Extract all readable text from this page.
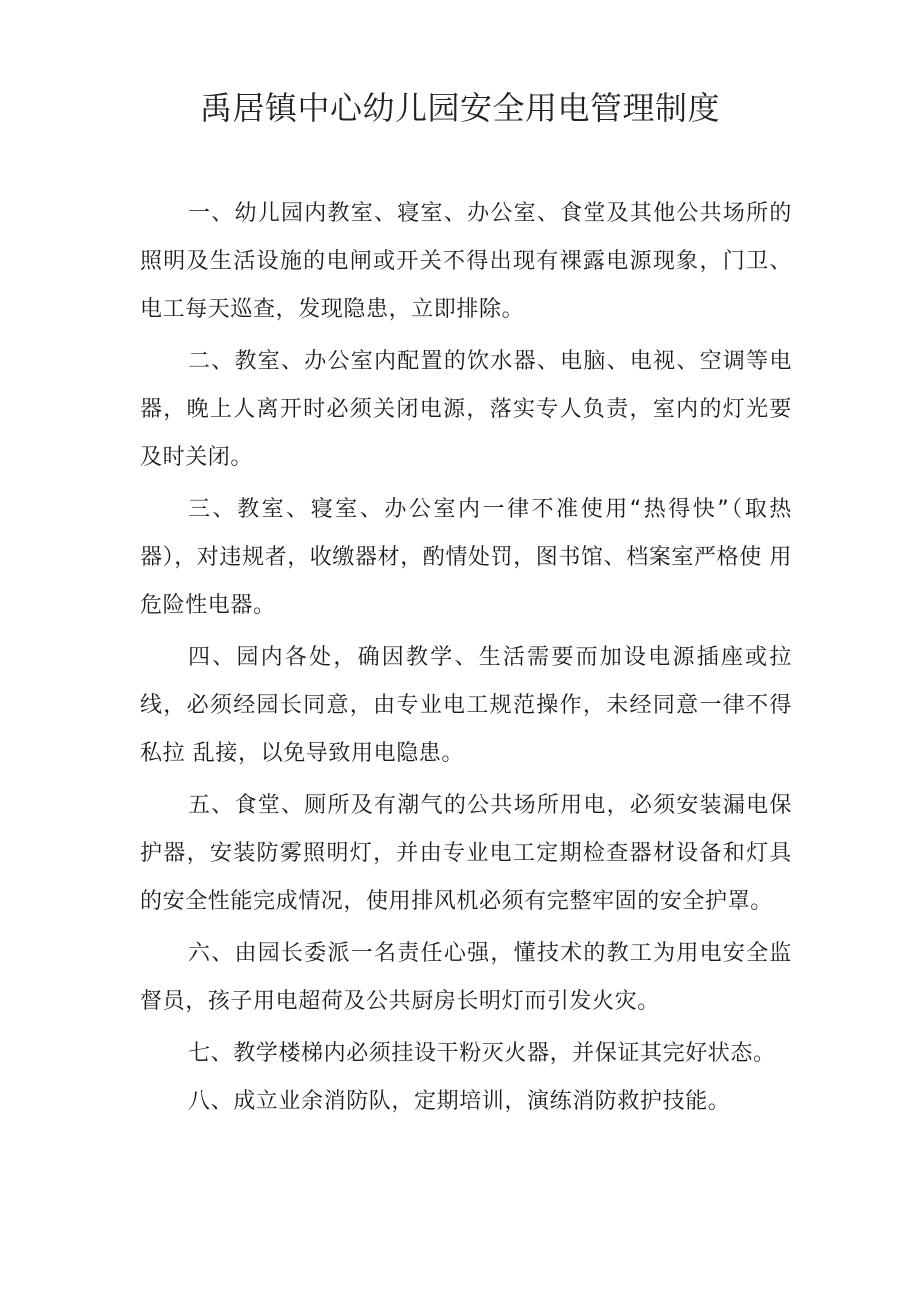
禹居镇中心幼儿园安全用电管理制度

一、幼儿园内教室、寝室、办公室、食堂及其他公共场所的照明及生活设施的电闸或开关不得出现有裸露电源现象，门卫、 电工每天巡查，发现隐患，立即排除。

二、教室、办公室内配置的饮水器、电脑、电视、空调等电器，晚上人离开时必须关闭电源，落实专人负责，室内的灯光要及时关闭。

三、教室、寝室、办公室内一律不准使用“热得快”（取热器），对违规者，收缴器材，酌情处罚，图书馆、档案室严格使 用危险性电器。

四、园内各处，确因教学、生活需要而加设电源插座或拉线，必须经园长同意，由专业电工规范操作，未经同意一律不得私拉 乱接，以免导致用电隐患。

五、食堂、厕所及有潮气的公共场所用电，必须安装漏电保护器，安装防雾照明灯，并由专业电工定期检查器材设备和灯具 的安全性能完成情况，使用排风机必须有完整牢固的安全护罩。

六、由园长委派一名责任心强，懂技术的教工为用电安全监督员，孩子用电超荷及公共厨房长明灯而引发火灾。

七、教学楼梯内必须挂设干粉灭火器，并保证其完好状态。

八、成立业余消防队，定期培训，演练消防救护技能。
